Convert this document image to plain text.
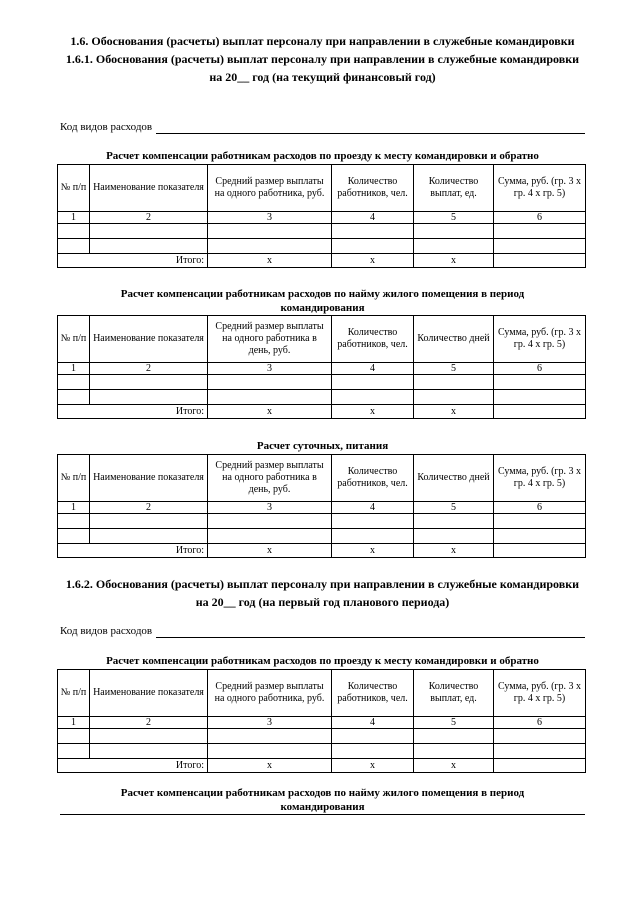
1.6. Обоснования (расчеты) выплат персоналу при направлении в служебные командировки
1.6.1. Обоснования (расчеты) выплат персоналу при направлении в служебные командировки
на 20__ год (на текущий финансовый год)
Код видов расходов
Расчет компенсации работникам расходов по проезду к месту командировки и обратно
№ п/п	Наименование показателя	Средний размер выплаты на одного работника, руб.	Количество работников, чел.	Количество выплат, ед.	Сумма, руб. (гр. 3 x гр. 4 x гр. 5)
1	2	3	4	5	6

Итого:		x	x	x	
Расчет компенсации работникам расходов по найму жилого помещения в период
командирования
№ п/п	Наименование показателя	Средний размер выплаты на одного работника в день, руб.	Количество работников, чел.	Количество дней	Сумма, руб. (гр. 3 x гр. 4 x гр. 5)
1	2	3	4	5	6

Итого:		x	x	x	
Расчет суточных, питания
№ п/п	Наименование показателя	Средний размер выплаты на одного работника в день, руб.	Количество работников, чел.	Количество дней	Сумма, руб. (гр. 3 x гр. 4 x гр. 5)
1	2	3	4	5	6

Итого:		x	x	x	
1.6.2. Обоснования (расчеты) выплат персоналу при направлении в служебные командировки
на 20__ год (на первый год планового периода)
Код видов расходов
Расчет компенсации работникам расходов по проезду к месту командировки и обратно
№ п/п	Наименование показателя	Средний размер выплаты на одного работника, руб.	Количество работников, чел.	Количество выплат, ед.	Сумма, руб. (гр. 3 x гр. 4 x гр. 5)
1	2	3	4	5	6

Итого:		x	x	x	
Расчет компенсации работникам расходов по найму жилого помещения в период
командирования
